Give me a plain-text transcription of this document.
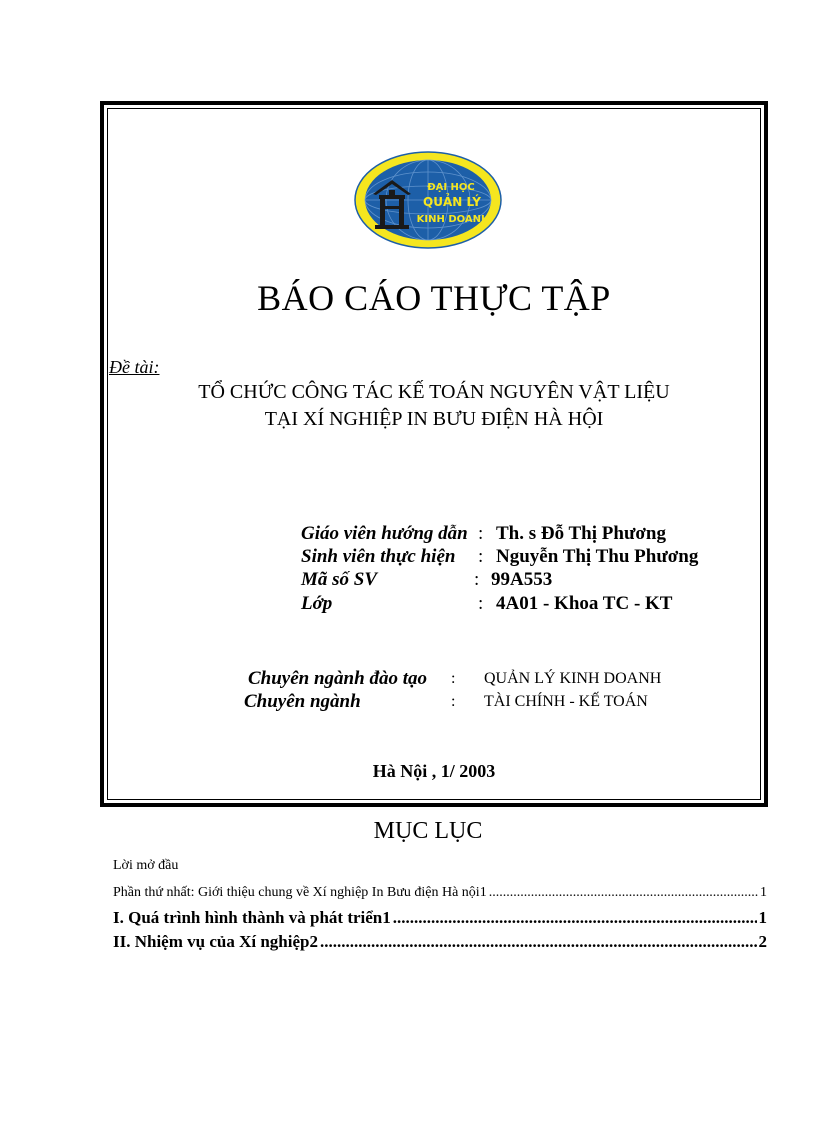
ĐẠI HỌC
QUẢN LÝ
KINH DOANH
BÁO CÁO THỰC TẬP
Đề tài:
TỔ CHỨC CÔNG TÁC KẾ TOÁN NGUYÊN VẬT LIỆU
TẠI XÍ NGHIỆP IN BƯU ĐIỆN HÀ HỘI
Giáo viên hướng dẫn : Th. s Đỗ Thị Phương
Sinh viên thực hiện : Nguyễn Thị Thu Phương
Mã số SV	: 99A553
Lớp	: 4A01 - Khoa TC - KT
Chuyên ngành đào tạo : QUẢN LÝ KINH DOANH
Chuyên ngành	: TÀI CHÍNH - KẾ TOÁN
Hà Nội , 1/ 2003
MỤC LỤC
Lời mở đầu
Phần thứ nhất: Giới thiệu chung về Xí nghiệp In Bưu điện Hà nội1 .....	1
I. Quá trình hình thành và phát triển1 .....	1
II. Nhiệm vụ của Xí nghiệp2 .....	2
